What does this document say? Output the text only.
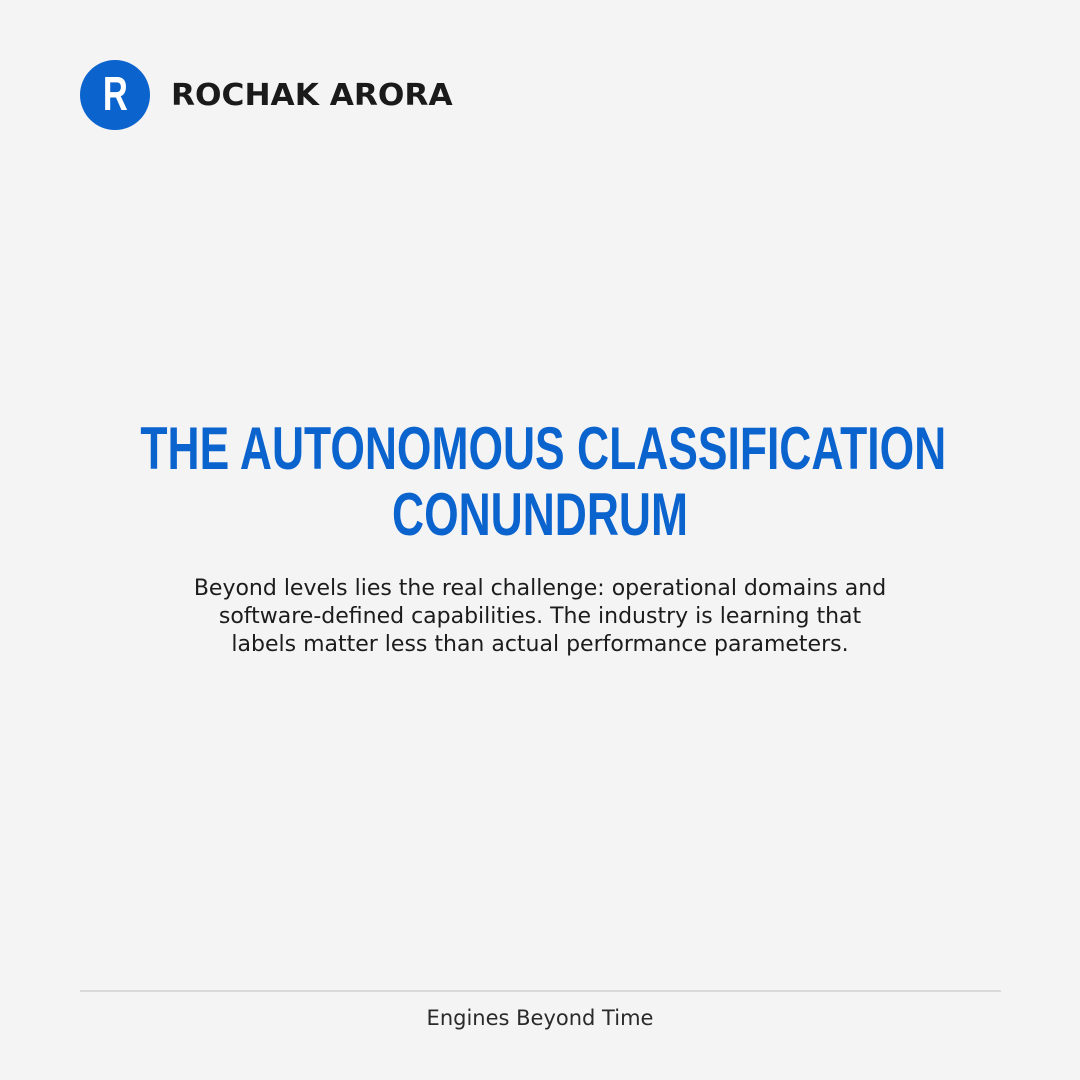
R ROCHAK ARORA
THE AUTONOMOUS CLASSIFICATION
CONUNDRUM
Beyond levels lies the real challenge: operational domains and
software-defined capabilities. The industry is learning that
labels matter less than actual performance parameters.
Engines Beyond Time
